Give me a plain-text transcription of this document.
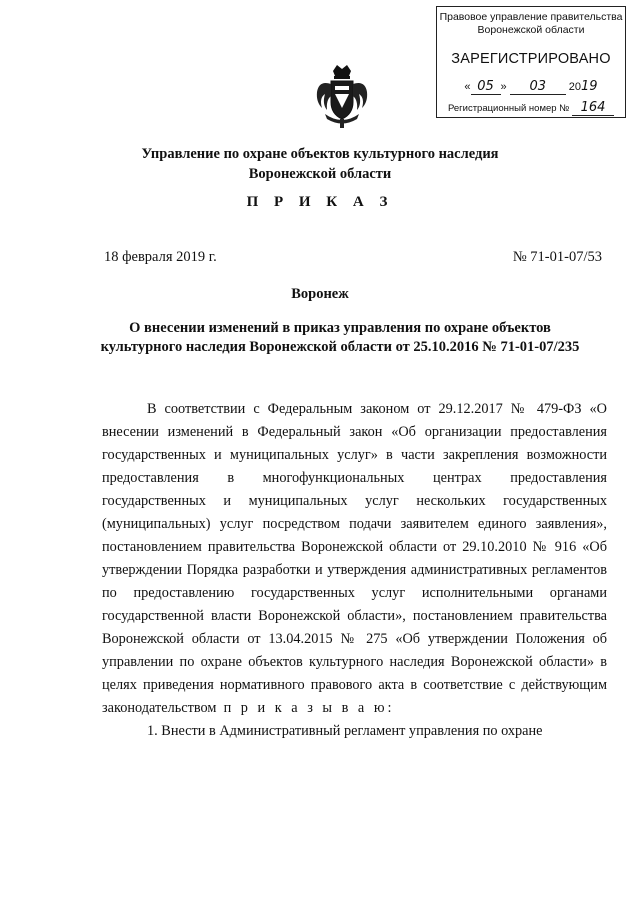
Правовое управление правительства
Воронежской области
ЗАРЕГИСТРИРОВАНО
« 05 » 03 2019
Регистрационный номер № 164
Управление по охране объектов культурного наследия
Воронежской области
П Р И К А З
18 февраля 2019 г.	№ 71-01-07/53
Воронеж
О внесении изменений в приказ управления по охране объектов
культурного наследия Воронежской области от 25.10.2016 № 71-01-07/235

В соответствии с Федеральным законом от 29.12.2017 № 479-ФЗ «О внесении изменений в Федеральный закон «Об организации предоставления государственных и муниципальных услуг» в части закрепления возможности предоставления в многофункциональных центрах предоставления государственных и муниципальных услуг нескольких государственных (муниципальных) услуг посредством подачи заявителем единого заявления», постановлением правительства Воронежской области от 29.10.2010 № 916 «Об утверждении Порядка разработки и утверждения административных регламентов по предоставлению государственных услуг исполнительными органами государственной власти Воронежской области», постановлением правительства Воронежской области от 13.04.2015 № 275 «Об утверждении Положения об управлении по охране объектов культурного наследия Воронежской области» в целях приведения нормативного правового акта в соответствие с действующим законодательством п р и к а з ы в а ю:

1. Внести в Административный регламент управления по охране
